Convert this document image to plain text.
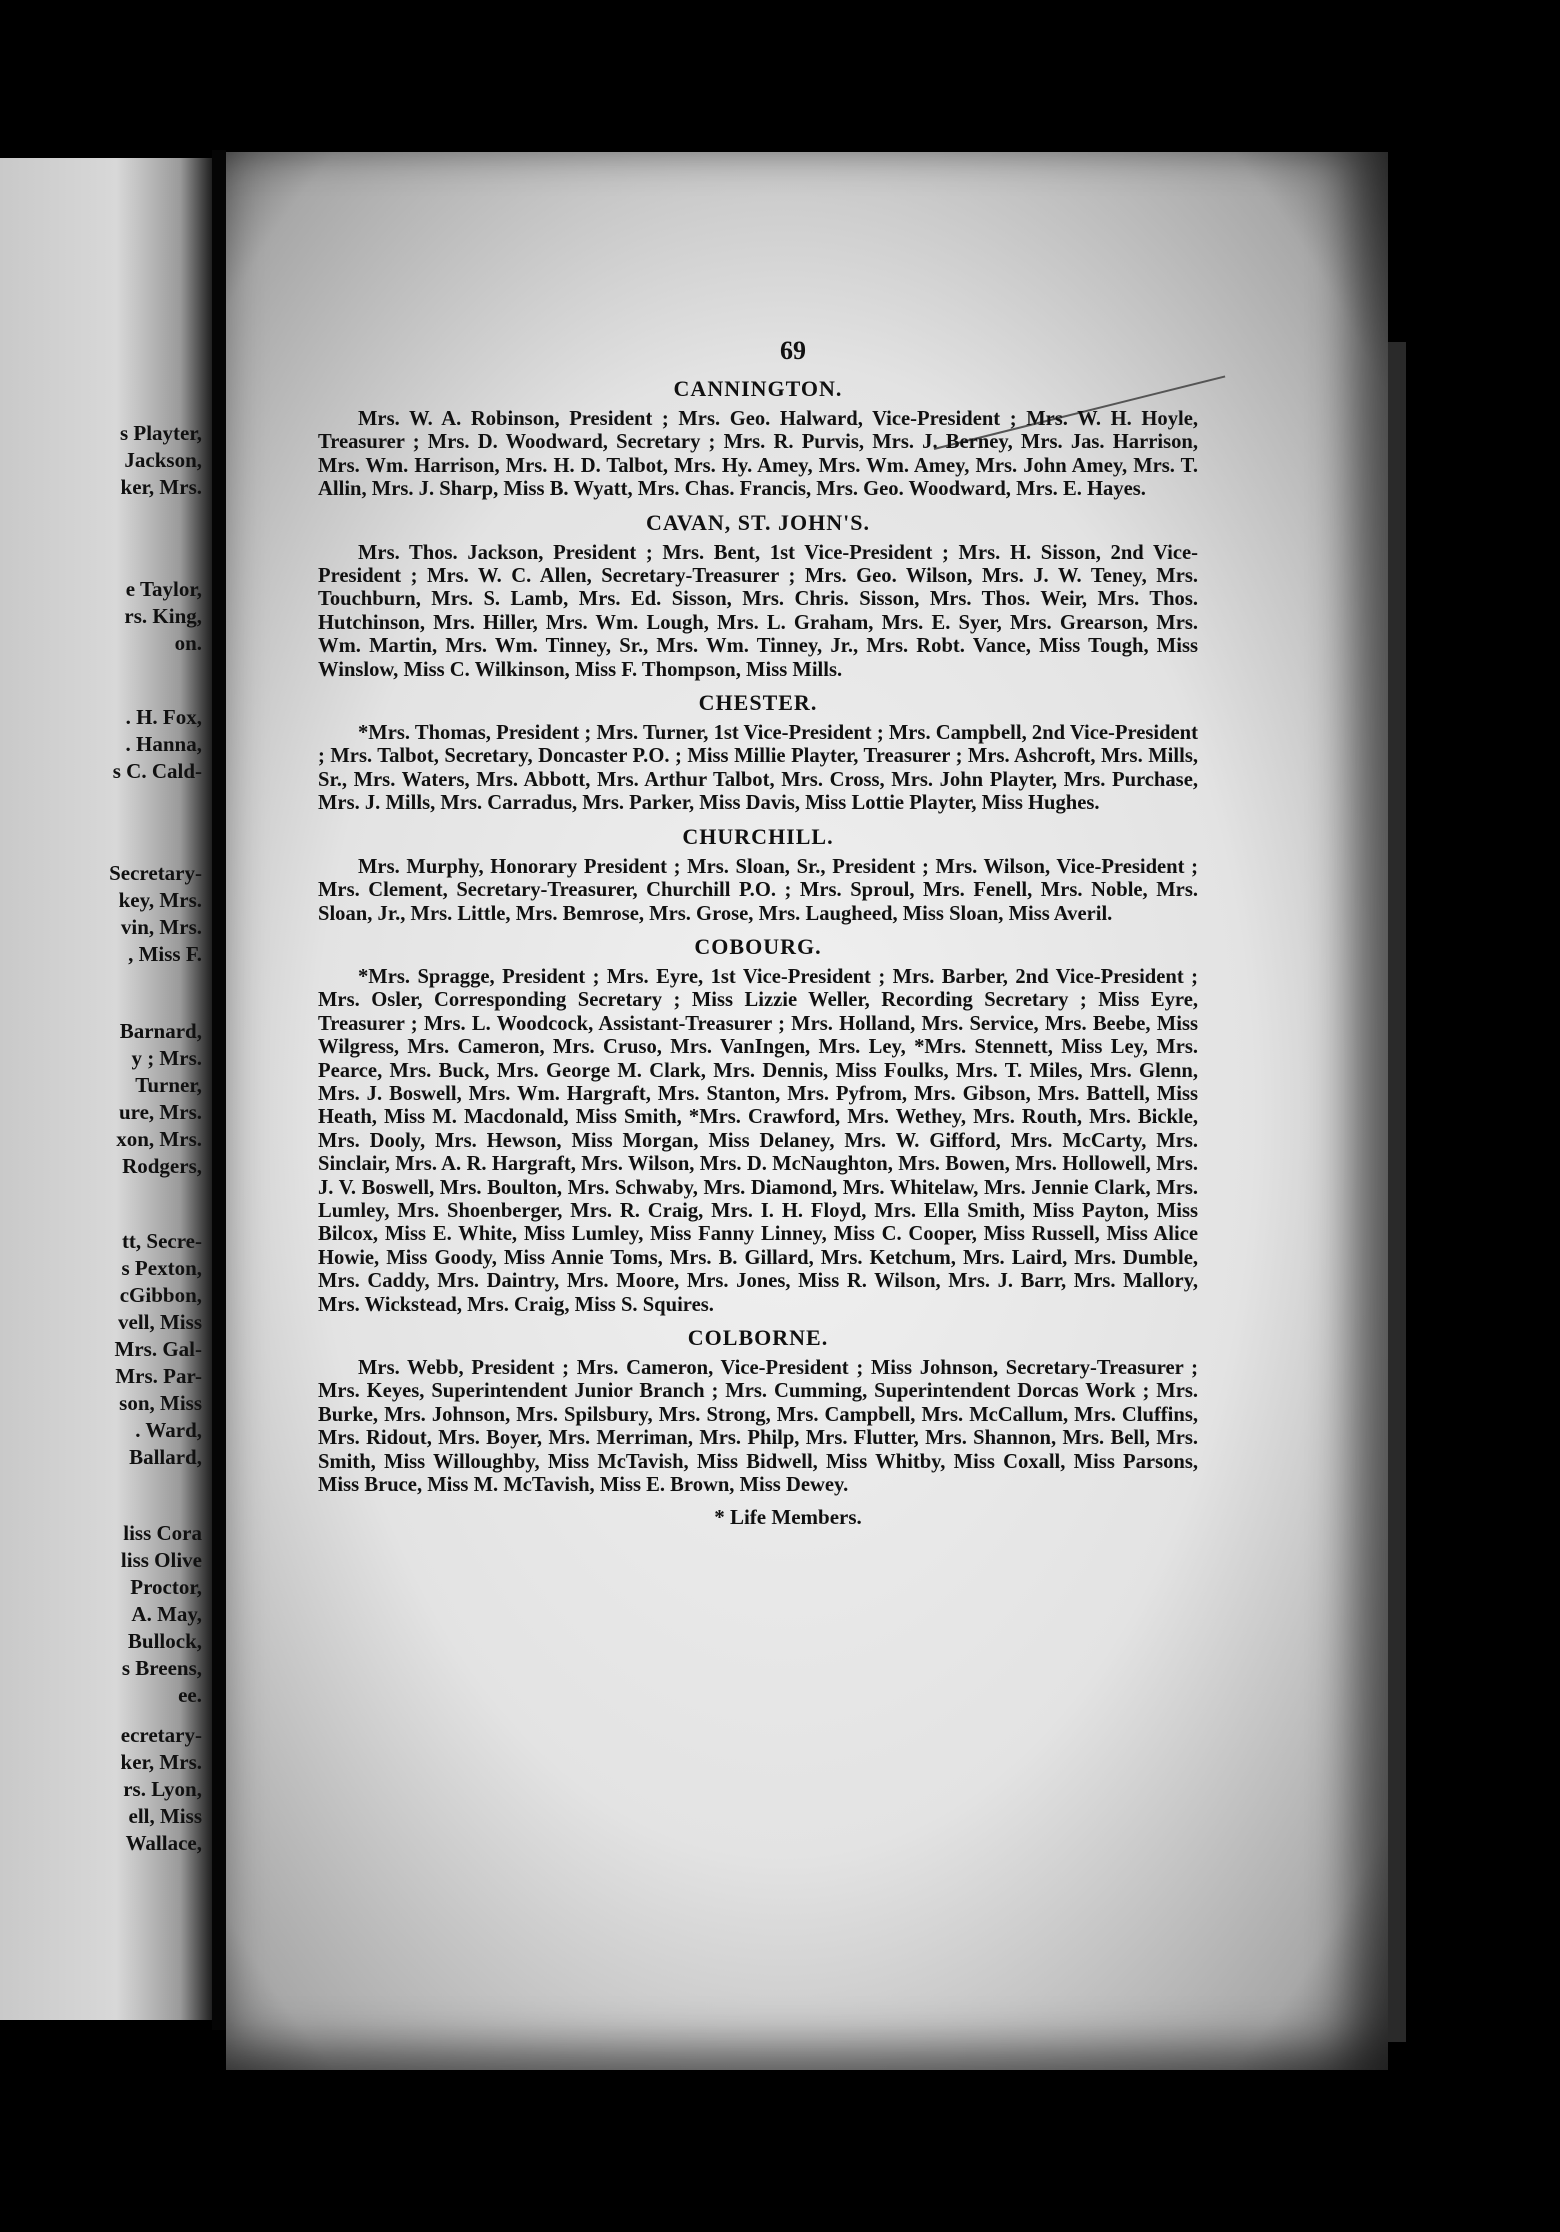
s Playter,

Jackson,

ker, Mrs.

e Taylor,

rs. King,

on.

. H. Fox,

. Hanna,

s C. Cald-

Secretary-

key, Mrs.

vin, Mrs.

, Miss F.

Barnard,

y ; Mrs.

Turner,

ure, Mrs.

xon, Mrs.

Rodgers,

tt, Secre-

s Pexton,

cGibbon,

vell, Miss

Mrs. Gal-

Mrs. Par-

son, Miss

. Ward,

Ballard,

liss Cora

liss Olive

Proctor,

A. May,

Bullock,

s Breens,

ee.

ecretary-

ker, Mrs.

rs. Lyon,

ell, Miss

Wallace,

69
CANNINGTON.

Mrs. W. A. Robinson, President ; Mrs. Geo. Halward, Vice-President ; Mrs. W. H. Hoyle, Treasurer ; Mrs. D. Woodward, Secretary ; Mrs. R. Purvis, Mrs. J. Berney, Mrs. Jas. Harrison, Mrs. Wm. Harrison, Mrs. H. D. Talbot, Mrs. Hy. Amey, Mrs. Wm. Amey, Mrs. John Amey, Mrs. T. Allin, Mrs. J. Sharp, Miss B. Wyatt, Mrs. Chas. Francis, Mrs. Geo. Woodward, Mrs. E. Hayes.

CAVAN, ST. JOHN'S.

Mrs. Thos. Jackson, President ; Mrs. Bent, 1st Vice-President ; Mrs. H. Sisson, 2nd Vice-President ; Mrs. W. C. Allen, Secretary-Treasurer ; Mrs. Geo. Wilson, Mrs. J. W. Teney, Mrs. Touchburn, Mrs. S. Lamb, Mrs. Ed. Sisson, Mrs. Chris. Sisson, Mrs. Thos. Weir, Mrs. Thos. Hutchinson, Mrs. Hiller, Mrs. Wm. Lough, Mrs. L. Graham, Mrs. E. Syer, Mrs. Grearson, Mrs. Wm. Martin, Mrs. Wm. Tinney, Sr., Mrs. Wm. Tinney, Jr., Mrs. Robt. Vance, Miss Tough, Miss Winslow, Miss C. Wilkinson, Miss F. Thompson, Miss Mills.

CHESTER.

*Mrs. Thomas, President ; Mrs. Turner, 1st Vice-President ; Mrs. Campbell, 2nd Vice-President ; Mrs. Talbot, Secretary, Doncaster P.O. ; Miss Millie Playter, Treasurer ; Mrs. Ashcroft, Mrs. Mills, Sr., Mrs. Waters, Mrs. Abbott, Mrs. Arthur Talbot, Mrs. Cross, Mrs. John Playter, Mrs. Purchase, Mrs. J. Mills, Mrs. Carradus, Mrs. Parker, Miss Davis, Miss Lottie Playter, Miss Hughes.

CHURCHILL.

Mrs. Murphy, Honorary President ; Mrs. Sloan, Sr., President ; Mrs. Wilson, Vice-President ; Mrs. Clement, Secretary-Treasurer, Churchill P.O. ; Mrs. Sproul, Mrs. Fenell, Mrs. Noble, Mrs. Sloan, Jr., Mrs. Little, Mrs. Bemrose, Mrs. Grose, Mrs. Laugheed, Miss Sloan, Miss Averil.

COBOURG.

*Mrs. Spragge, President ; Mrs. Eyre, 1st Vice-President ; Mrs. Barber, 2nd Vice-President ; Mrs. Osler, Corresponding Secretary ; Miss Lizzie Weller, Recording Secretary ; Miss Eyre, Treasurer ; Mrs. L. Woodcock, Assistant-Treasurer ; Mrs. Holland, Mrs. Service, Mrs. Beebe, Miss Wilgress, Mrs. Cameron, Mrs. Cruso, Mrs. VanIngen, Mrs. Ley, *Mrs. Stennett, Miss Ley, Mrs. Pearce, Mrs. Buck, Mrs. George M. Clark, Mrs. Dennis, Miss Foulks, Mrs. T. Miles, Mrs. Glenn, Mrs. J. Boswell, Mrs. Wm. Hargraft, Mrs. Stanton, Mrs. Pyfrom, Mrs. Gibson, Mrs. Battell, Miss Heath, Miss M. Macdonald, Miss Smith, *Mrs. Crawford, Mrs. Wethey, Mrs. Routh, Mrs. Bickle, Mrs. Dooly, Mrs. Hewson, Miss Morgan, Miss Delaney, Mrs. W. Gifford, Mrs. McCarty, Mrs. Sinclair, Mrs. A. R. Hargraft, Mrs. Wilson, Mrs. D. McNaughton, Mrs. Bowen, Mrs. Hollowell, Mrs. J. V. Boswell, Mrs. Boulton, Mrs. Schwaby, Mrs. Diamond, Mrs. Whitelaw, Mrs. Jennie Clark, Mrs. Lumley, Mrs. Shoenberger, Mrs. R. Craig, Mrs. I. H. Floyd, Mrs. Ella Smith, Miss Payton, Miss Bilcox, Miss E. White, Miss Lumley, Miss Fanny Linney, Miss C. Cooper, Miss Russell, Miss Alice Howie, Miss Goody, Miss Annie Toms, Mrs. B. Gillard, Mrs. Ketchum, Mrs. Laird, Mrs. Dumble, Mrs. Caddy, Mrs. Daintry, Mrs. Moore, Mrs. Jones, Miss R. Wilson, Mrs. J. Barr, Mrs. Mallory, Mrs. Wickstead, Mrs. Craig, Miss S. Squires.

COLBORNE.

Mrs. Webb, President ; Mrs. Cameron, Vice-President ; Miss Johnson, Secretary-Treasurer ; Mrs. Keyes, Superintendent Junior Branch ; Mrs. Cumming, Superintendent Dorcas Work ; Mrs. Burke, Mrs. Johnson, Mrs. Spilsbury, Mrs. Strong, Mrs. Campbell, Mrs. McCallum, Mrs. Cluffins, Mrs. Ridout, Mrs. Boyer, Mrs. Merriman, Mrs. Philp, Mrs. Flutter, Mrs. Shannon, Mrs. Bell, Mrs. Smith, Miss Willoughby, Miss McTavish, Miss Bidwell, Miss Whitby, Miss Coxall, Miss Parsons, Miss Bruce, Miss M. McTavish, Miss E. Brown, Miss Dewey.

* Life Members.
